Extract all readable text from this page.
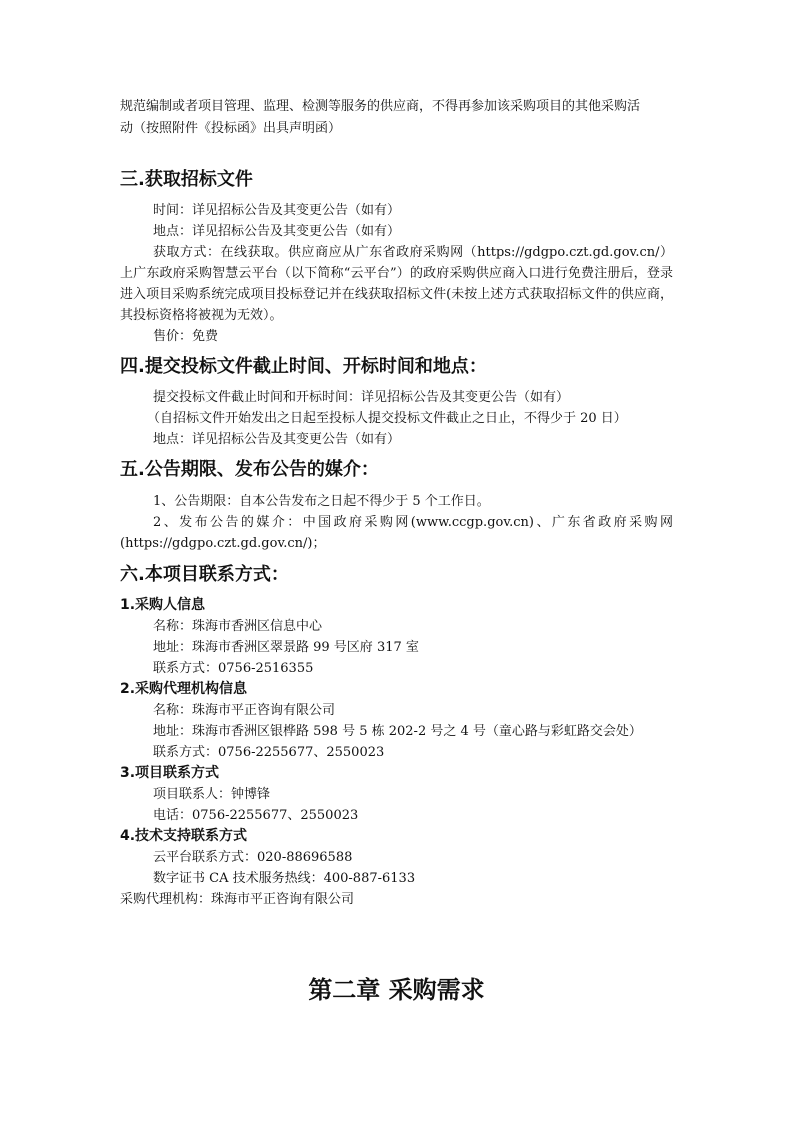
规范编制或者项目管理、监理、检测等服务的供应商，不得再参加该采购项目的其他采购活
动（按照附件《投标函》出具声明函）
三.获取招标文件
时间：详见招标公告及其变更公告（如有）
地点：详见招标公告及其变更公告（如有）
获取方式：在线获取。供应商应从广东省政府采购网（https://gdgpo.czt.gd.gov.cn/）上广东政府采购智慧云平台（以下简称“云平台”）的政府采购供应商入口进行免费注册后，登录进入项目采购系统完成项目投标登记并在线获取招标文件(未按上述方式获取招标文件的供应商，其投标资格将被视为无效）。
售价：免费
四.提交投标文件截止时间、开标时间和地点：
提交投标文件截止时间和开标时间：详见招标公告及其变更公告（如有）
（自招标文件开始发出之日起至投标人提交投标文件截止之日止，不得少于 20 日）
地点：详见招标公告及其变更公告（如有）
五.公告期限、发布公告的媒介：
1、公告期限：自本公告发布之日起不得少于 5 个工作日。
2、发布公告的媒介：中国政府采购网(www.ccgp.gov.cn)、广东省政府采购网(https://gdgpo.czt.gd.gov.cn/)；
六.本项目联系方式：
1.采购人信息
名称：珠海市香洲区信息中心
地址：珠海市香洲区翠景路 99 号区府 317 室
联系方式：0756-2516355
2.采购代理机构信息
名称：珠海市平正咨询有限公司
地址：珠海市香洲区银桦路 598 号 5 栋 202-2 号之 4 号（童心路与彩虹路交会处）
联系方式：0756-2255677、2550023
3.项目联系方式
项目联系人：钟博锋
电话：0756-2255677、2550023
4.技术支持联系方式
云平台联系方式：020-88696588
数字证书 CA 技术服务热线：400-887-6133
采购代理机构：珠海市平正咨询有限公司
第二章 采购需求
